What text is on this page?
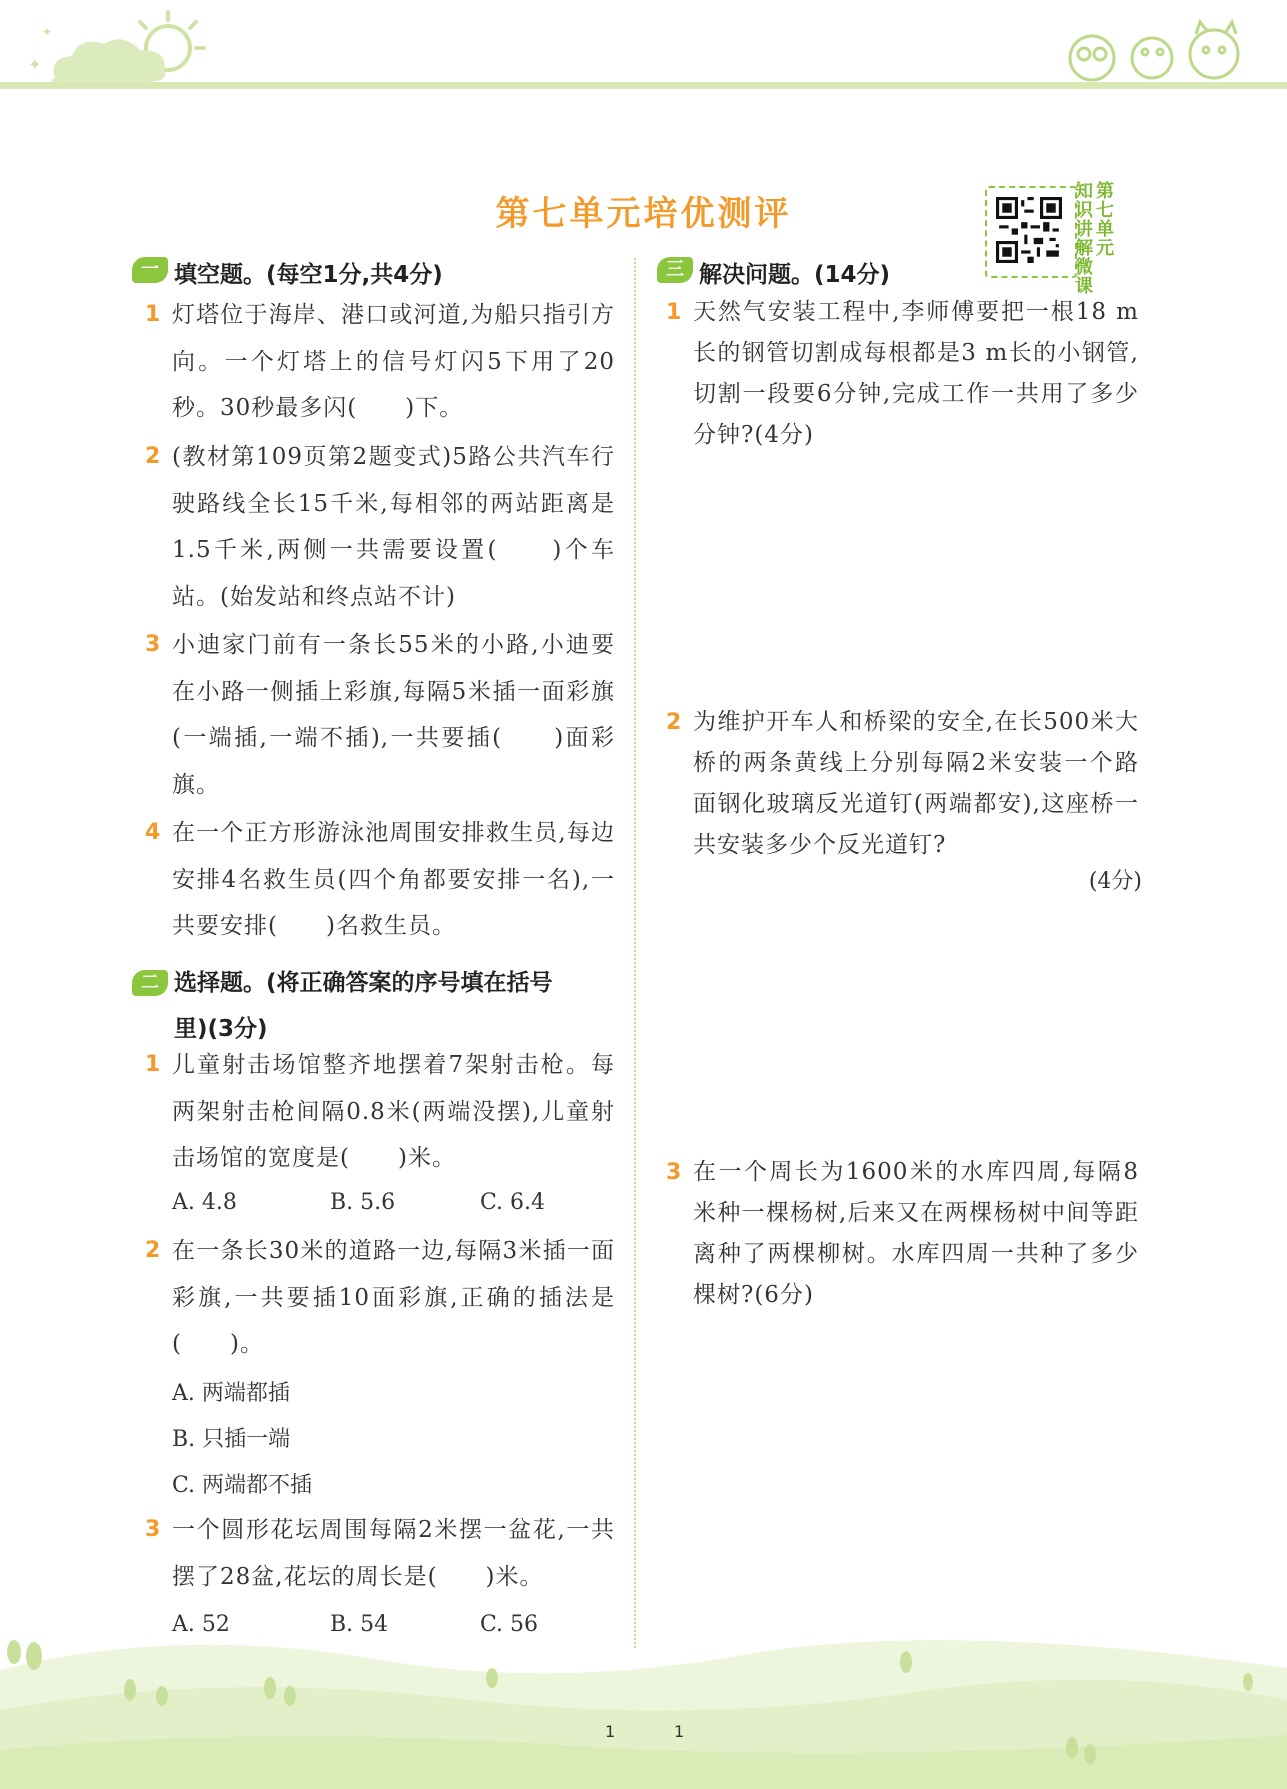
✦
✦
第七单元培优测评
知识讲解微课
第七单元
一 填空题。(每空1分,共4分)
1 灯塔位于海岸、港口或河道,为船只指引方向。一个灯塔上的信号灯闪5下用了20秒。30秒最多闪(　　)下。
2 (教材第109页第2题变式)5路公共汽车行驶路线全长15千米,每相邻的两站距离是1.5千米,两侧一共需要设置(　　)个车站。(始发站和终点站不计)
3 小迪家门前有一条长55米的小路,小迪要在小路一侧插上彩旗,每隔5米插一面彩旗(一端插,一端不插),一共要插(　　)面彩旗。
4 在一个正方形游泳池周围安排救生员,每边安排4名救生员(四个角都要安排一名),一共要安排(　　)名救生员。
二 选择题。(将正确答案的序号填在括号
里)(3分)
1 儿童射击场馆整齐地摆着7架射击枪。每两架射击枪间隔0.8米(两端没摆),儿童射击场馆的宽度是(　　)米。
A. 4.8	B. 5.6	C. 6.4
2 在一条长30米的道路一边,每隔3米插一面彩旗,一共要插10面彩旗,正确的插法是(　　)。
A. 两端都插
B. 只插一端
C. 两端都不插
3 一个圆形花坛周围每隔2米摆一盆花,一共摆了28盆,花坛的周长是(　　)米。
A. 52	B. 54	C. 56
三 解决问题。(14分)
1 天然气安装工程中,李师傅要把一根18 m长的钢管切割成每根都是3 m长的小钢管,切割一段要6分钟,完成工作一共用了多少分钟?(4分)
2 为维护开车人和桥梁的安全,在长500米大桥的两条黄线上分别每隔2米安装一个路面钢化玻璃反光道钉(两端都安),这座桥一共安装多少个反光道钉?
(4分)
3 在一个周长为1600米的水库四周,每隔8米种一棵杨树,后来又在两棵杨树中间等距离种了两棵柳树。水库四周一共种了多少棵树?(6分)
1	1
